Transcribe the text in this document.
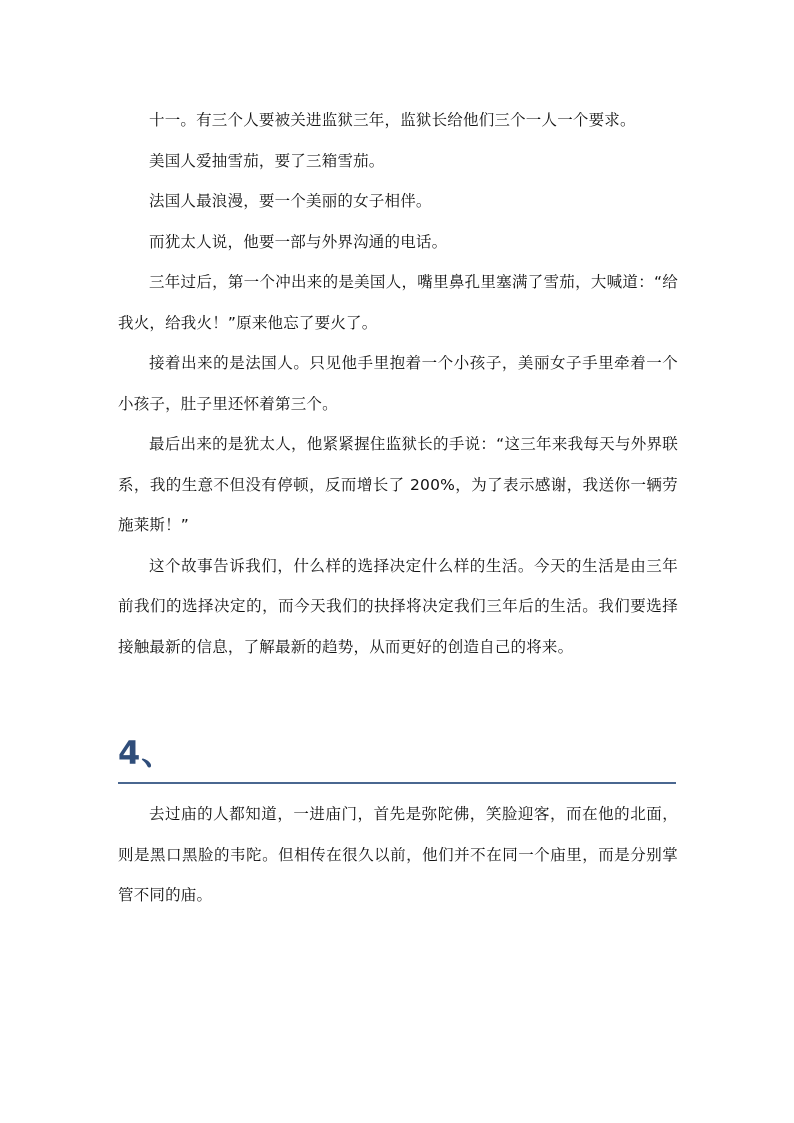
十一。有三个人要被关进监狱三年，监狱长给他们三个一人一个要求。

美国人爱抽雪茄，要了三箱雪茄。

法国人最浪漫，要一个美丽的女子相伴。

而犹太人说，他要一部与外界沟通的电话。

三年过后，第一个冲出来的是美国人，嘴里鼻孔里塞满了雪茄，大喊道：“给我火，给我火！”原来他忘了要火了。

接着出来的是法国人。只见他手里抱着一个小孩子，美丽女子手里牵着一个小孩子，肚子里还怀着第三个。

最后出来的是犹太人，他紧紧握住监狱长的手说：“这三年来我每天与外界联系，我的生意不但没有停顿，反而增长了 200%，为了表示感谢，我送你一辆劳施莱斯！”

这个故事告诉我们，什么样的选择决定什么样的生活。今天的生活是由三年前我们的选择决定的，而今天我们的抉择将决定我们三年后的生活。我们要选择接触最新的信息，了解最新的趋势，从而更好的创造自己的将来。

4、

去过庙的人都知道，一进庙门，首先是弥陀佛，笑脸迎客，而在他的北面，则是黑口黑脸的韦陀。但相传在很久以前，他们并不在同一个庙里，而是分别掌管不同的庙。
